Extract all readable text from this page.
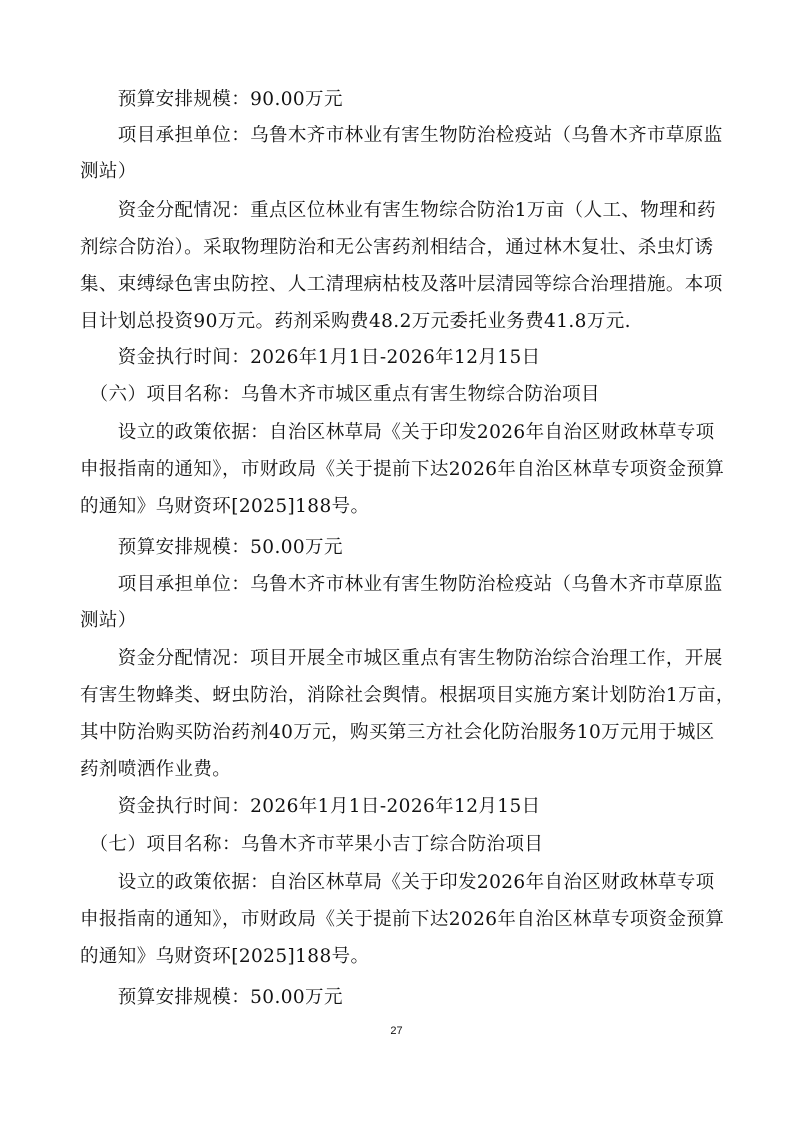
　　预算安排规模：90.00万元
　　项目承担单位：乌鲁木齐市林业有害生物防治检疫站（乌鲁木齐市草原监
测站）
　　资金分配情况：重点区位林业有害生物综合防治1万亩（人工、物理和药
剂综合防治）。采取物理防治和无公害药剂相结合，通过林木复壮、杀虫灯诱
集、束缚绿色害虫防控、人工清理病枯枝及落叶层清园等综合治理措施。本项
目计划总投资90万元。药剂采购费48.2万元委托业务费41.8万元.
　　资金执行时间：2026年1月1日-2026年12月15日
　（六）项目名称：乌鲁木齐市城区重点有害生物综合防治项目
　　设立的政策依据：自治区林草局《关于印发2026年自治区财政林草专项
申报指南的通知》，市财政局《关于提前下达2026年自治区林草专项资金预算
的通知》乌财资环[2025]188号。
　　预算安排规模：50.00万元
　　项目承担单位：乌鲁木齐市林业有害生物防治检疫站（乌鲁木齐市草原监
测站）
　　资金分配情况：项目开展全市城区重点有害生物防治综合治理工作，开展
有害生物蜂类、蚜虫防治，消除社会舆情。根据项目实施方案计划防治1万亩，
其中防治购买防治药剂40万元，购买第三方社会化防治服务10万元用于城区
药剂喷洒作业费。
　　资金执行时间：2026年1月1日-2026年12月15日
　（七）项目名称：乌鲁木齐市苹果小吉丁综合防治项目
　　设立的政策依据：自治区林草局《关于印发2026年自治区财政林草专项
申报指南的通知》，市财政局《关于提前下达2026年自治区林草专项资金预算
的通知》乌财资环[2025]188号。
　　预算安排规模：50.00万元
27
